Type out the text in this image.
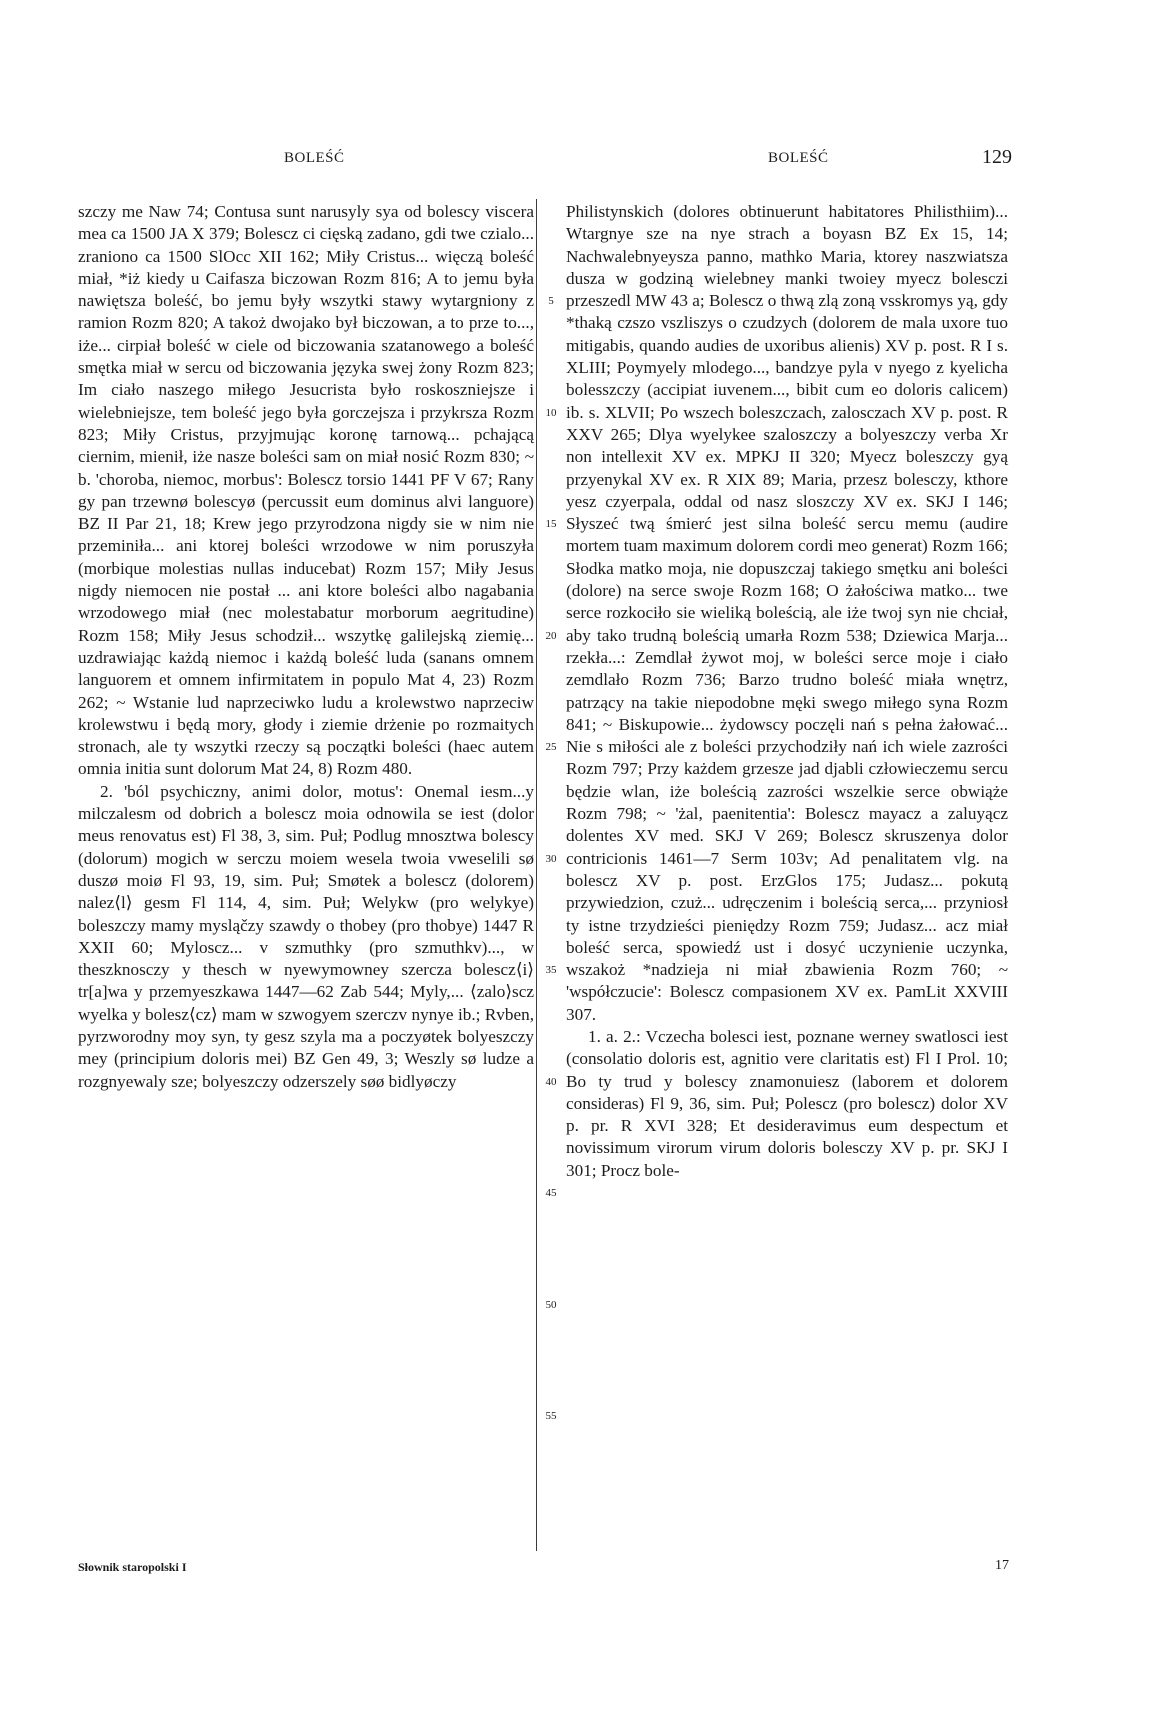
BOLEŚĆ	BOLEŚĆ	129

szczy me Naw 74; Contusa sunt narusyly sya od bolescy viscera mea ca 1500 JA X 379; Bolescz ci cięską zadano, gdi twe czialo... zraniono ca 1500 SlOcc XII 162; Miły Cristus... więczą boleść miał, *iż kiedy u Caifasza biczowan Rozm 816; A to jemu była nawiętsza boleść, bo jemu były wszytki stawy wytargniony z ramion Rozm 820; A takoż dwojako był biczowan, a to prze to..., iże... cirpiał boleść w ciele od biczowania szatanowego a boleść smętka miał w sercu od biczowania języka swej żony Rozm 823; Im ciało naszego miłego Jesucrista było roskoszniejsze i wielebniejsze, tem boleść jego była gorczejsza i przykrsza Rozm 823; Miły Cristus, przyjmując koronę tarnową... pchającą ciernim, mienił, iże nasze boleści sam on miał nosić Rozm 830; ~ b. 'choroba, niemoc, morbus': Bolescz torsio 1441 PF V 67; Rany gy pan trzewnø bolescyø (percussit eum dominus alvi languore) BZ II Par 21, 18; Krew jego przyrodzona nigdy sie w nim nie przeminiła... ani ktorej boleści wrzodowe w nim poruszyła (morbique molestias nullas inducebat) Rozm 157; Miły Jesus nigdy niemocen nie postał ... ani ktore boleści albo nagabania wrzodowego miał (nec molestabatur morborum aegritudine) Rozm 158; Miły Jesus schodził... wszytkę galilejską ziemię... uzdrawiając każdą niemoc i każdą boleść luda (sanans omnem languorem et omnem infirmitatem in populo Mat 4, 23) Rozm 262; ~ Wstanie lud naprzeciwko ludu a krolewstwo naprzeciw krolewstwu i będą mory, głody i ziemie drżenie po rozmaitych stronach, ale ty wszytki rzeczy są początki boleści (haec autem omnia initia sunt dolorum Mat 24, 8) Rozm 480.

2. 'ból psychiczny, animi dolor, motus': Onemal iesm...y milczalesm od dobrich a bolescz moia odnowila se iest (dolor meus renovatus est) Fl 38, 3, sim. Puł; Podlug mnosztwa bolescy (dolorum) mogich w serczu moiem wesela twoia vweselili sø duszø moiø Fl 93, 19, sim. Puł; Smøtek a bolescz (dolorem) nalez⟨l⟩ gesm Fl 114, 4, sim. Puł; Welykw (pro welykye) boleszczy mamy mysląčzy szawdy o thobey (pro thobye) 1447 R XXII 60; Myloscz... v szmuthky (pro szmuthkv)..., w theszknosczy y thesch w nyewymowney szercza bolescz⟨i⟩ tr[a]wa y przemyeszkawa 1447—62 Zab 544; Myly,... ⟨zalo⟩scz wyelka y bolesz⟨cz⟩ mam w szwogyem szerczv nynye ib.; Rvben, pyrzworodny moy syn, ty gesz szyla ma a poczyøtek bolyeszczy mey (principium doloris mei) BZ Gen 49, 3; Weszly sø ludze a rozgnyewaly sze; bolyeszczy odzerszely søø bidlyøczy

5
10
15
20
25
30
35
40
45
50
55

Philistynskich (dolores obtinuerunt habitatores Philisthiim)... Wtargnye sze na nye strach a boyasn BZ Ex 15, 14; Nachwalebnyeysza panno, mathko Maria, ktorey naszwiatsza dusza w godziną wielebney manki twoiey myecz bolesczi przeszedl MW 43 a; Bolescz o thwą zlą zoną vsskromys yą, gdy *thaką czszo vszliszys o czudzych (dolorem de mala uxore tuo mitigabis, quando audies de uxoribus alienis) XV p. post. R I s. XLIII; Poymyely mlodego..., bandzye pyla v nyego z kyelicha bolesszczy (accipiat iuvenem..., bibit cum eo doloris calicem) ib. s. XLVII; Po wszech boleszczach, zalosczach XV p. post. R XXV 265; Dlya wyelykee szaloszczy a bolyeszczy verba Xr non intellexit XV ex. MPKJ II 320; Myecz boleszczy gyą przyenykal XV ex. R XIX 89; Maria, przesz bolesczy, kthore yesz czyerpala, oddal od nasz sloszczy XV ex. SKJ I 146; Słyszeć twą śmierć jest silna boleść sercu memu (audire mortem tuam maximum dolorem cordi meo generat) Rozm 166; Słodka matko moja, nie dopuszczaj takiego smętku ani boleści (dolore) na serce swoje Rozm 168; O żałościwa matko... twe serce rozkociło sie wieliką boleścią, ale iże twoj syn nie chciał, aby tako trudną boleścią umarła Rozm 538; Dziewica Marja... rzekła...: Zemdlał żywot moj, w boleści serce moje i ciało zemdlało Rozm 736; Barzo trudno boleść miała wnętrz, patrzący na takie niepodobne męki swego miłego syna Rozm 841; ~ Biskupowie... żydowscy poczęli nań s pełna żałować... Nie s miłości ale z boleści przychodziły nań ich wiele zazrości Rozm 797; Przy każdem grzesze jad djabli człowieczemu sercu będzie wlan, iże boleścią zazrości wszelkie serce obwiąże Rozm 798; ~ 'żal, paenitentia': Bolescz mayacz a zaluyącz dolentes XV med. SKJ V 269; Bolescz skruszenya dolor contricionis 1461—7 Serm 103v; Ad penalitatem vlg. na bolescz XV p. post. ErzGlos 175; Judasz... pokutą przywiedzion, czuż... udręczenim i boleścią serca,... przyniosł ty istne trzydzieści pieniędzy Rozm 759; Judasz... acz miał boleść serca, spowiedź ust i dosyć uczynienie uczynka, wszakoż *nadzieja ni miał zbawienia Rozm 760; ~ 'współczucie': Bolescz compasionem XV ex. PamLit XXVIII 307.

1. a. 2.: Vczecha bolesci iest, poznane werney swatlosci iest (consolatio doloris est, agnitio vere claritatis est) Fl I Prol. 10; Bo ty trud y bolescy znamonuiesz (laborem et dolorem consideras) Fl 9, 36, sim. Puł; Polescz (pro bolescz) dolor XV p. pr. R XVI 328; Et desideravimus eum despectum et novissimum virorum virum doloris bolesczy XV p. pr. SKJ I 301; Procz bole-

Słownik staropolski I	17
